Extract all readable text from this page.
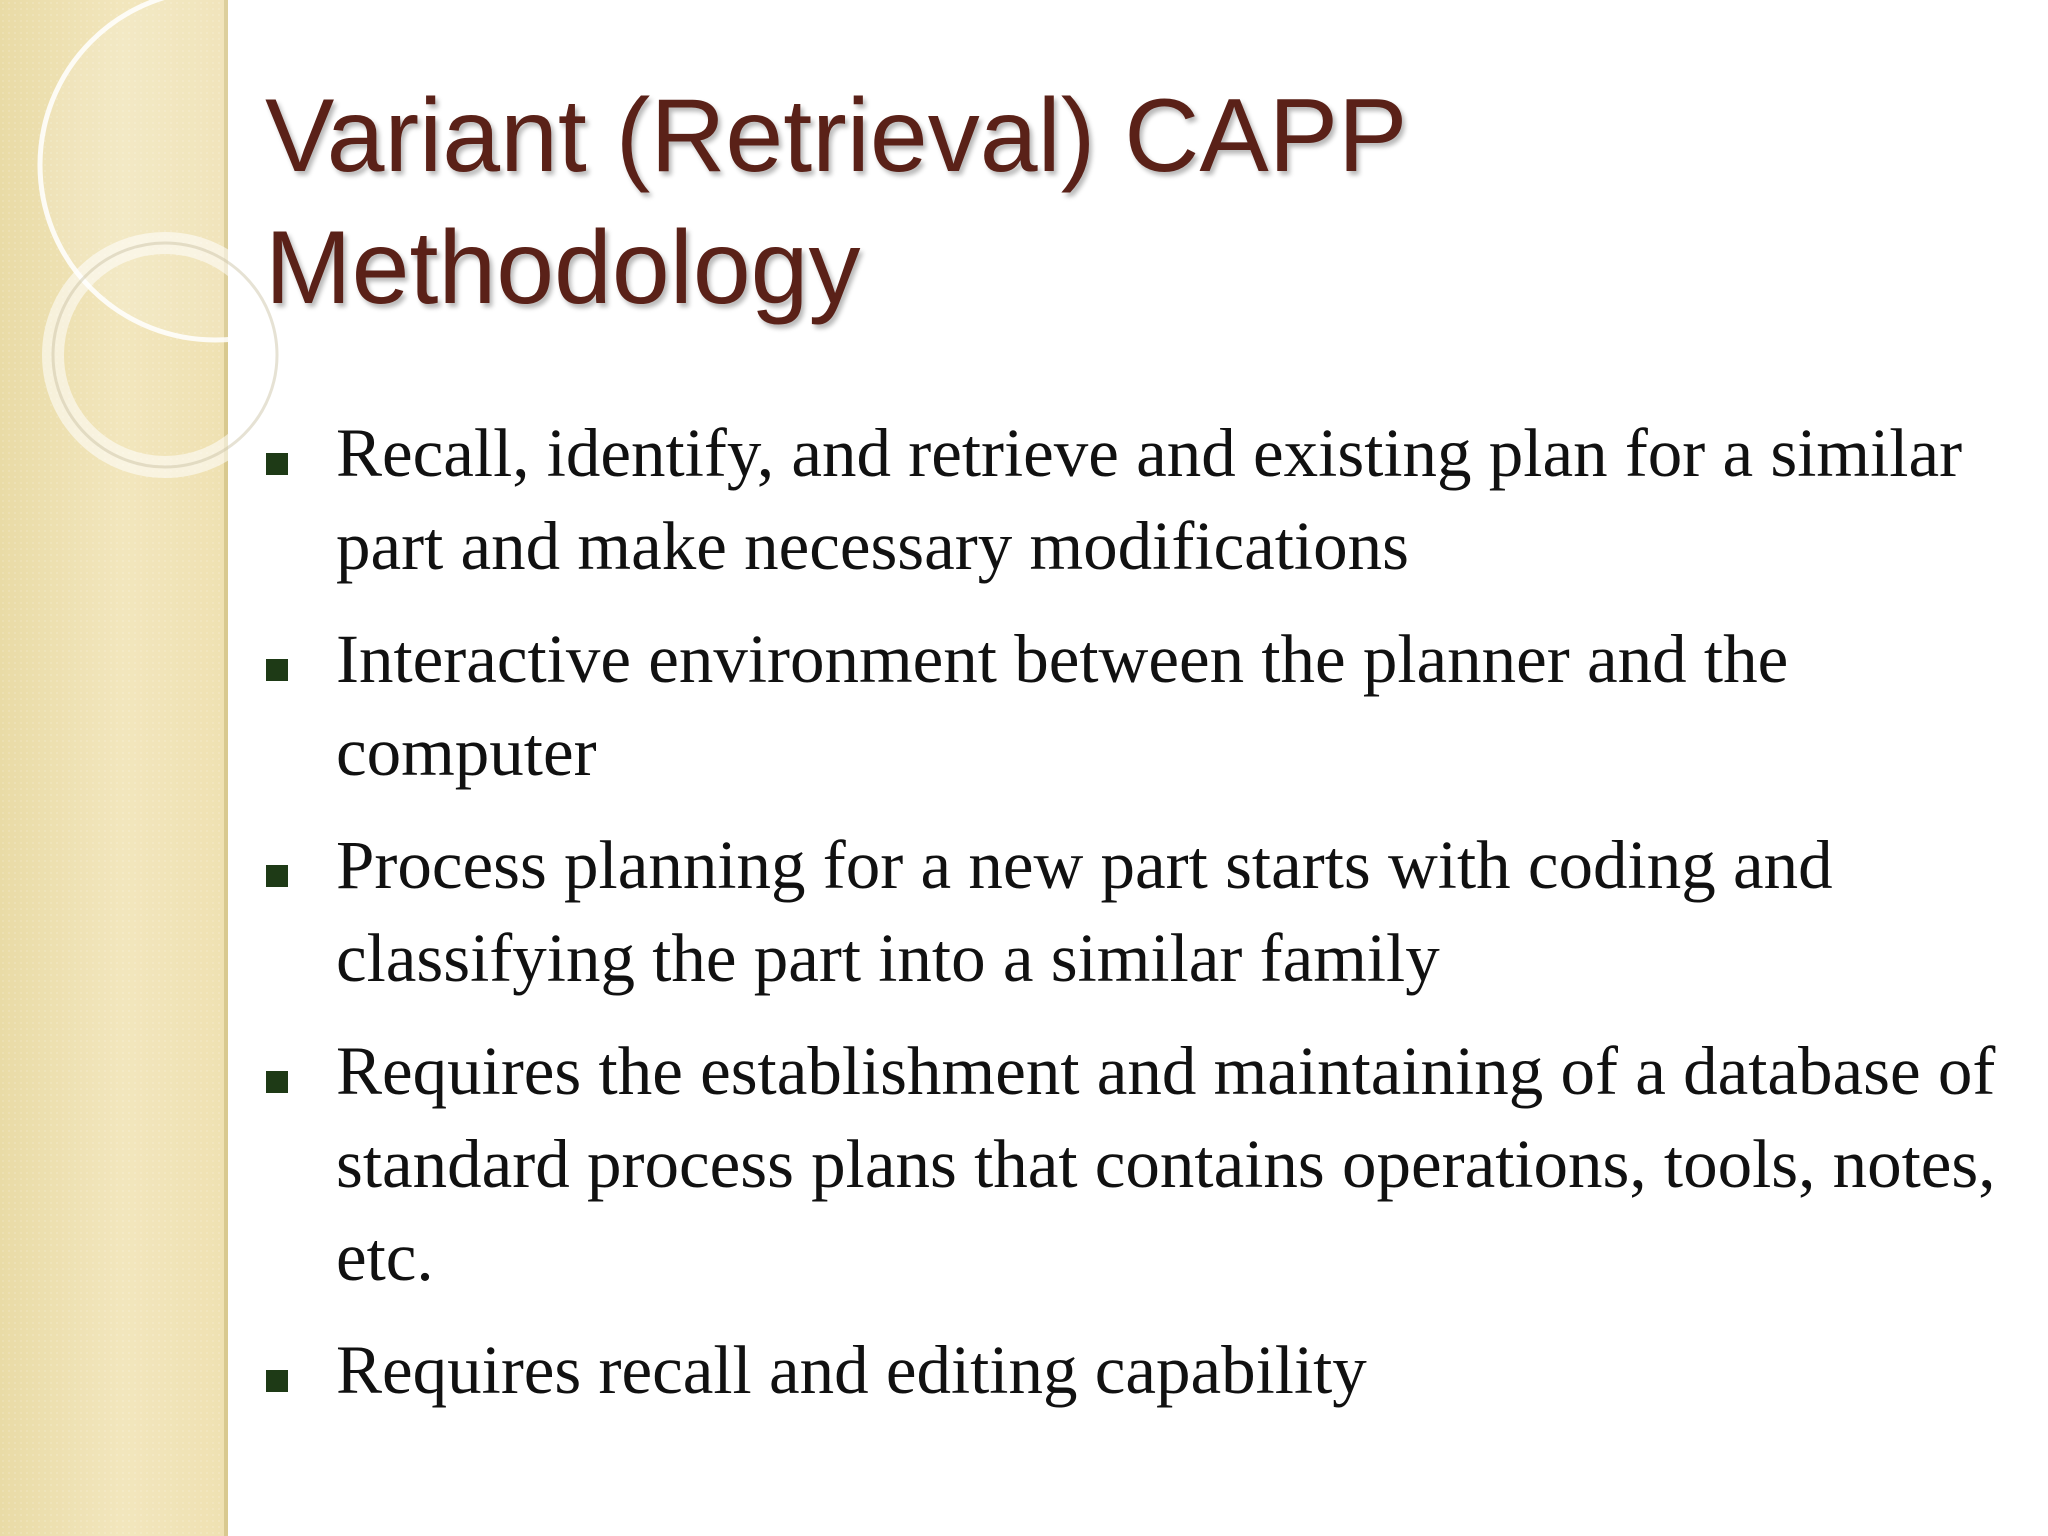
Variant (Retrieval) CAPP Methodology
Recall, identify, and retrieve and existing plan for a similar part and make necessary modifications
Interactive environment between the planner and the computer
Process planning for a new part starts with coding and classifying the part into a similar family
Requires the establishment and maintaining of a database of standard process plans that contains operations, tools, notes, etc.
Requires recall and editing capability
